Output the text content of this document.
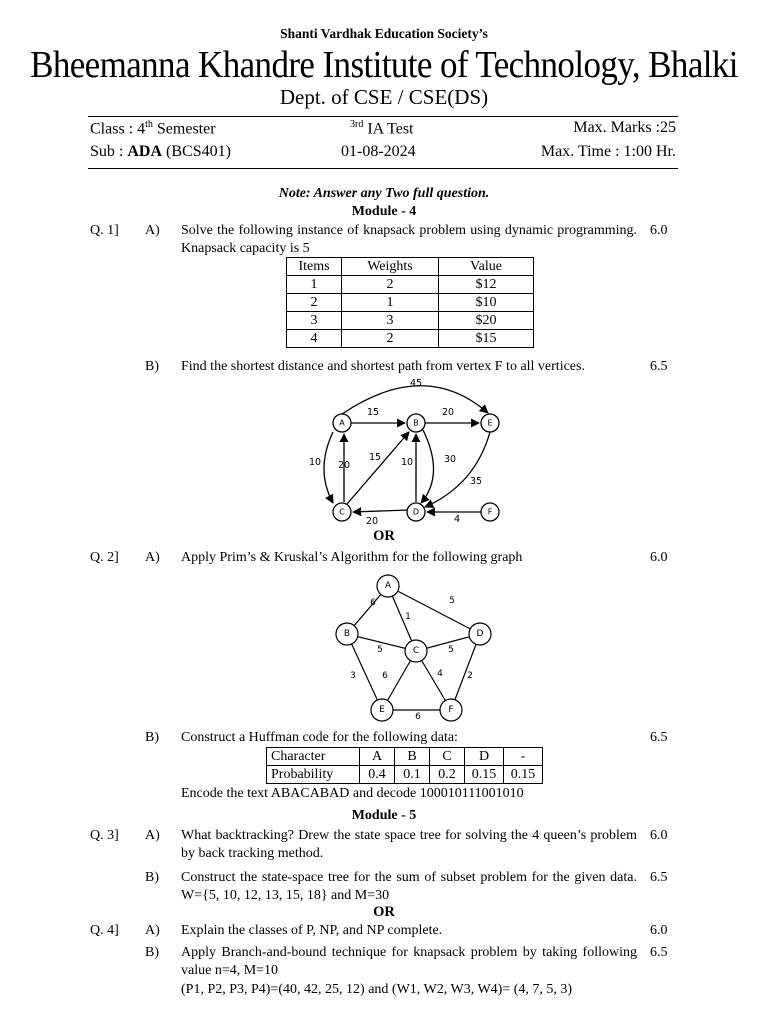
Shanti Vardhak Education Society’s
Bheemanna Khandre Institute of Technology, Bhalki
Dept. of CSE / CSE(DS)
Class : 4th Semester	$^{3rd}$ IA Test	Max. Marks :25
Sub : ADA (BCS401)	01-08-2024	Max. Time : 1:00 Hr.
Note: Answer any Two full question.
Module - 4
Q. 1] A) Solve the following instance of knapsack problem using dynamic programming. Knapsack capacity is 5
6.0
Items	Weights	Value
1	2	$12
2	1	$10
3	3	$20
4	2	$15
B) Find the shortest distance and shortest path from vertex F to all vertices.	6.5
A	B	E
C	D	F
45
15	20
10 20
15 10	30
35
20	4
OR
Q. 2] A) Apply Prim’s & Kruskal’s Algorithm for the following graph	6.0
A
B
C
D
E	F
6	5
1
5	5
3	6	4	2
6
B) Construct a Huffman code for the following data:	6.5
Character	A	B	C	D	-
Probability	0.4	0.1	0.2	0.15	0.15
Encode the text ABACABAD and decode 100010111001010
Module - 5
Q. 3] A) What backtracking? Drew the state space tree for solving the 4 queen’s problem by back tracking method.
6.0
B) Construct the state-space tree for the sum of subset problem for the given data. W={5, 10, 12, 13, 15, 18} and M=30
6.5
OR
Q. 4] A) Explain the classes of P, NP, and NP complete.	6.0
B) Apply Branch-and-bound technique for knapsack problem by taking following value n=4, M=10
6.5
(P1, P2, P3, P4)=(40, 42, 25, 12) and (W1, W2, W3, W4)= (4, 7, 5, 3)
